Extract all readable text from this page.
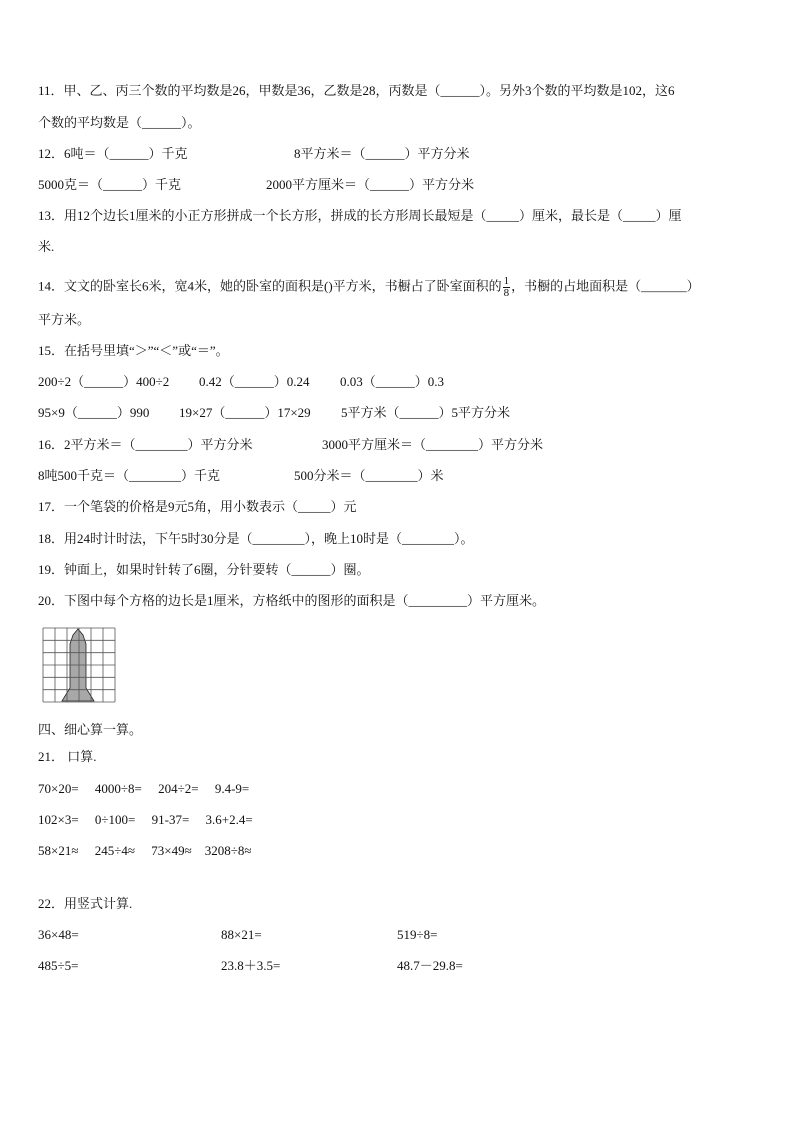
11．甲、乙、丙三个数的平均数是26，甲数是36，乙数是28，丙数是（______）。另外3个数的平均数是102，这6
个数的平均数是（______）。
12．6吨＝（______）千克	8平方米＝（______）平方分米
5000克＝（______）千克	2000平方厘米＝（______）平方分米
13．用12个边长1厘米的小正方形拼成一个长方形，拼成的长方形周长最短是（_____）厘米，最长是（_____）厘
米.
14．文文的卧室长6米，宽4米，她的卧室的面积是()平方米，书橱占了卧室面积的 $\frac{1}{8}$ ，书橱的占地面积是（_______）
平方米。
15．在括号里填“＞”“＜”或“＝”。
200÷2（______）400÷2 0.42（______）0.24 0.03（______）0.3
95×9（______）990 19×27（______）17×29 5平方米（______）5平方分米
16．2平方米＝（________）平方分米	3000平方厘米＝（________）平方分米
8吨500千克＝（________）千克	500分米＝（________）米
17．一个笔袋的价格是9元5角，用小数表示（_____）元
18．用24时计时法，下午5时30分是（________），晚上10时是（________）。
19．钟面上，如果时针转了6圈，分针要转（______）圈。
20．下图中每个方格的边长是1厘米，方格纸中的图形的面积是（_________）平方厘米。
四、细心算一算。
21． 口算.
70×20=　 4000÷8=　 204÷2=　 9.4-9=
102×3=　 0÷100=　 91-37=　 3.6+2.4=
58×21≈　 245÷4≈　 73×49≈　3208÷8≈
22．用竖式计算.
36×48=	88×21=	519÷8=
485÷5=	23.8＋3.5=	48.7－29.8=
